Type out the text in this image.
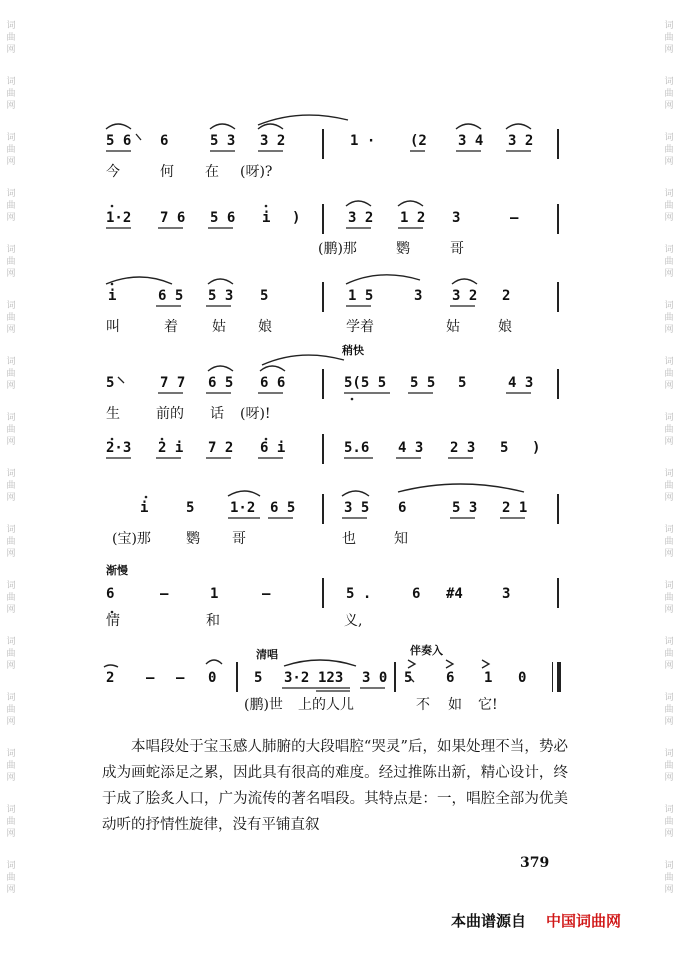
词曲网
词曲网
词曲网
词曲网
词曲网
词曲网
词曲网
词曲网
词曲网
词曲网
词曲网
词曲网
词曲网
词曲网
词曲网
词曲网
词曲网
词曲网
词曲网
词曲网
词曲网
词曲网
词曲网
词曲网
词曲网
词曲网
词曲网
词曲网
词曲网
词曲网
词曲网
词曲网
5 6 6	5 3 3 2	1 · (2 3 4 3 2
今	何 在 (呀)?
1·2 7 6 5 6 i )	3 2 1 2 3	–
(鹏)那	鹦	哥
i	6 5 5 3 5	1 5	3 3 2 2
叫	着 姑 娘	学着	姑	娘
稍快
5	7 7 6 5 6 6	5(5 5 5 5 5	4 3
生	前的 话 (呀)!
2·3 2 i 7 2 6 i	5.6 4 3 2 3 5 )
i	5	1·2 6 5	3 5 6	5 3 2 1
(宝)那	鹦 哥	也	知
渐慢
6	–	1	–	5 .	6 #4	3
情	和	义,
清唱	伴奏入
2 – – 0	5 3·2 123 3 0 5 6 1 0
(鹏)世 上的人儿	不 如 它!

本唱段处于宝玉感人肺腑的大段唱腔“哭灵”后，如果处理不当，势必成为画蛇添足之累，因此具有很高的难度。经过推陈出新，精心设计，终于成了脍炙人口，广为流传的著名唱段。其特点是：一，唱腔全部为优美动听的抒情性旋律，没有平铺直叙

379
本曲谱源自 中国词曲网
